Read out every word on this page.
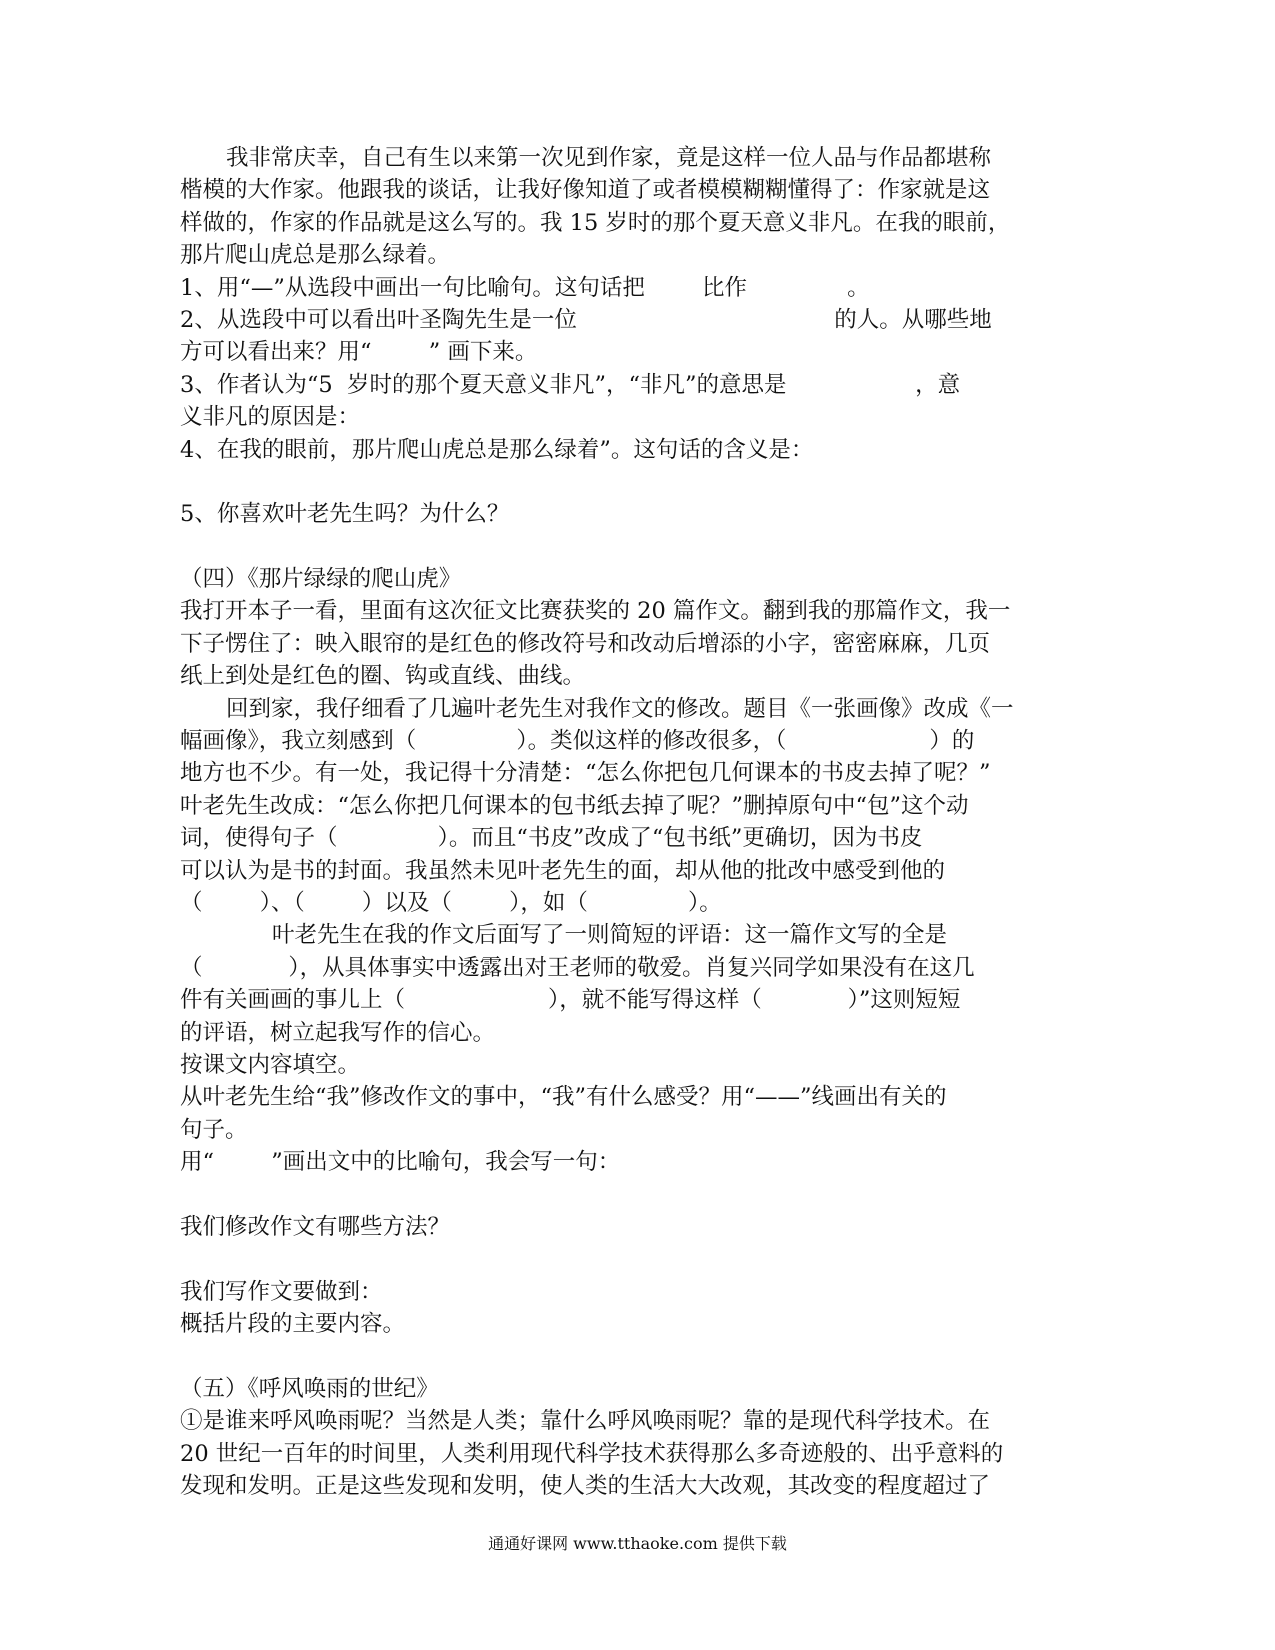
我非常庆幸，自己有生以来第一次见到作家，竟是这样一位人品与作品都堪称
楷模的大作家。他跟我的谈话，让我好像知道了或者模模糊糊懂得了：作家就是这
样做的，作家的作品就是这么写的。我 15 岁时的那个夏天意义非凡。在我的眼前，
那片爬山虎总是那么绿着。
1、用“—”从选段中画出一句比喻句。这句话把        比作              。
2、从选段中可以看出叶圣陶先生是一位                                    的人。从哪些地
方可以看出来？用“        ” 画下来。
3、作者认为“5  岁时的那个夏天意义非凡”，“非凡”的意思是                  ，意
义非凡的原因是：
4、在我的眼前，那片爬山虎总是那么绿着”。这句话的含义是：
5、你喜欢叶老先生吗？为什么？
（四）《那片绿绿的爬山虎》
我打开本子一看，里面有这次征文比赛获奖的 20 篇作文。翻到我的那篇作文，我一
下子愣住了：映入眼帘的是红色的修改符号和改动后增添的小字，密密麻麻，几页
纸上到处是红色的圈、钩或直线、曲线。
回到家，我仔细看了几遍叶老先生对我作文的修改。题目《一张画像》改成《一
幅画像》，我立刻感到（              ）。类似这样的修改很多，（                    ）的
地方也不少。有一处，我记得十分清楚：“怎么你把包几何课本的书皮去掉了呢？”
叶老先生改成：“怎么你把几何课本的包书纸去掉了呢？”删掉原句中“包”这个动
词，使得句子（              ）。而且“书皮”改成了“包书纸”更确切，因为书皮
可以认为是书的封面。我虽然未见叶老先生的面，却从他的批改中感受到他的
（        ）、（        ）以及（        ），如（              ）。
叶老先生在我的作文后面写了一则简短的评语：这一篇作文写的全是
（            ），从具体事实中透露出对王老师的敬爱。肖复兴同学如果没有在这几
件有关画画的事儿上（                    ），就不能写得这样（            ）”这则短短
的评语，树立起我写作的信心。
按课文内容填空。
从叶老先生给“我”修改作文的事中，“我”有什么感受？用“——”线画出有关的
句子。
用“        ”画出文中的比喻句，我会写一句：
我们修改作文有哪些方法？
我们写作文要做到：
概括片段的主要内容。
（五）《呼风唤雨的世纪》
①是谁来呼风唤雨呢？当然是人类；靠什么呼风唤雨呢？靠的是现代科学技术。在
20 世纪一百年的时间里，人类利用现代科学技术获得那么多奇迹般的、出乎意料的
发现和发明。正是这些发现和发明，使人类的生活大大改观，其改变的程度超过了
通通好课网 www.tthaoke.com 提供下载
